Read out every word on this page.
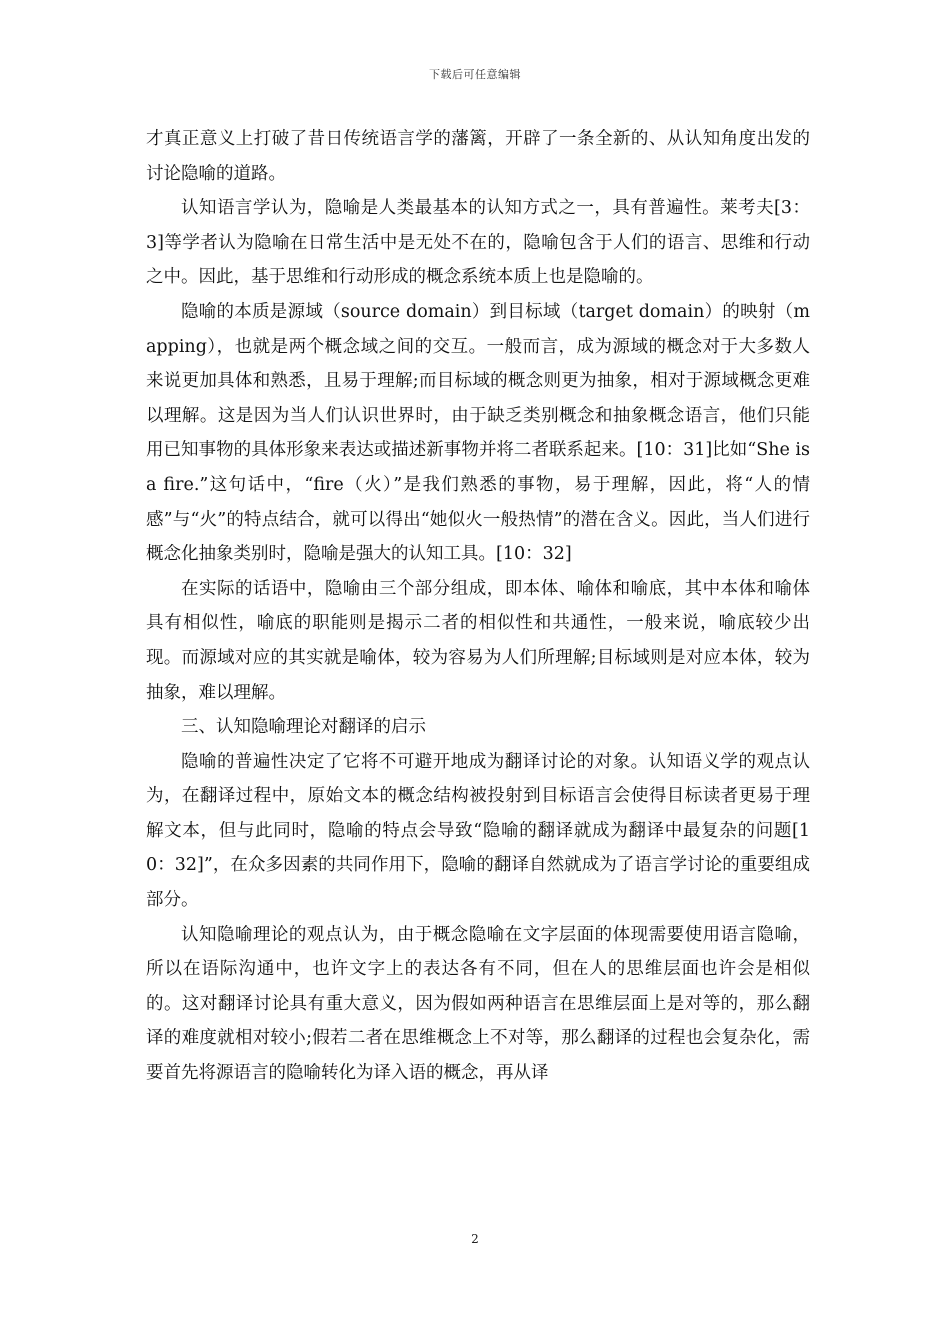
下载后可任意编辑

才真正意义上打破了昔日传统语言学的藩篱，开辟了一条全新的、从认知角度出发的讨论隐喻的道路。

认知语言学认为，隐喻是人类最基本的认知方式之一，具有普遍性。莱考夫[3：3]等学者认为隐喻在日常生活中是无处不在的，隐喻包含于人们的语言、思维和行动之中。因此，基于思维和行动形成的概念系统本质上也是隐喻的。

隐喻的本质是源域（source domain）到目标域（target domain）的映射（mapping），也就是两个概念域之间的交互。一般而言，成为源域的概念对于大多数人来说更加具体和熟悉，且易于理解;而目标域的概念则更为抽象，相对于源域概念更难以理解。这是因为当人们认识世界时，由于缺乏类别概念和抽象概念语言，他们只能用已知事物的具体形象来表达或描述新事物并将二者联系起来。[10：31]比如“She is a fire.”这句话中，“fire（火）”是我们熟悉的事物，易于理解，因此，将“人的情感”与“火”的特点结合，就可以得出“她似火一般热情”的潜在含义。因此，当人们进行概念化抽象类别时，隐喻是强大的认知工具。[10：32]

在实际的话语中，隐喻由三个部分组成，即本体、喻体和喻底，其中本体和喻体具有相似性，喻底的职能则是揭示二者的相似性和共通性，一般来说，喻底较少出现。而源域对应的其实就是喻体，较为容易为人们所理解;目标域则是对应本体，较为抽象，难以理解。

三、认知隐喻理论对翻译的启示

隐喻的普遍性决定了它将不可避开地成为翻译讨论的对象。认知语义学的观点认为，在翻译过程中，原始文本的概念结构被投射到目标语言会使得目标读者更易于理解文本，但与此同时，隐喻的特点会导致“隐喻的翻译就成为翻译中最复杂的问题[10：32]”，在众多因素的共同作用下，隐喻的翻译自然就成为了语言学讨论的重要组成部分。

认知隐喻理论的观点认为，由于概念隐喻在文字层面的体现需要使用语言隐喻，所以在语际沟通中，也许文字上的表达各有不同，但在人的思维层面也许会是相似的。这对翻译讨论具有重大意义，因为假如两种语言在思维层面上是对等的，那么翻译的难度就相对较小;假若二者在思维概念上不对等，那么翻译的过程也会复杂化，需要首先将源语言的隐喻转化为译入语的概念，再从译

2
